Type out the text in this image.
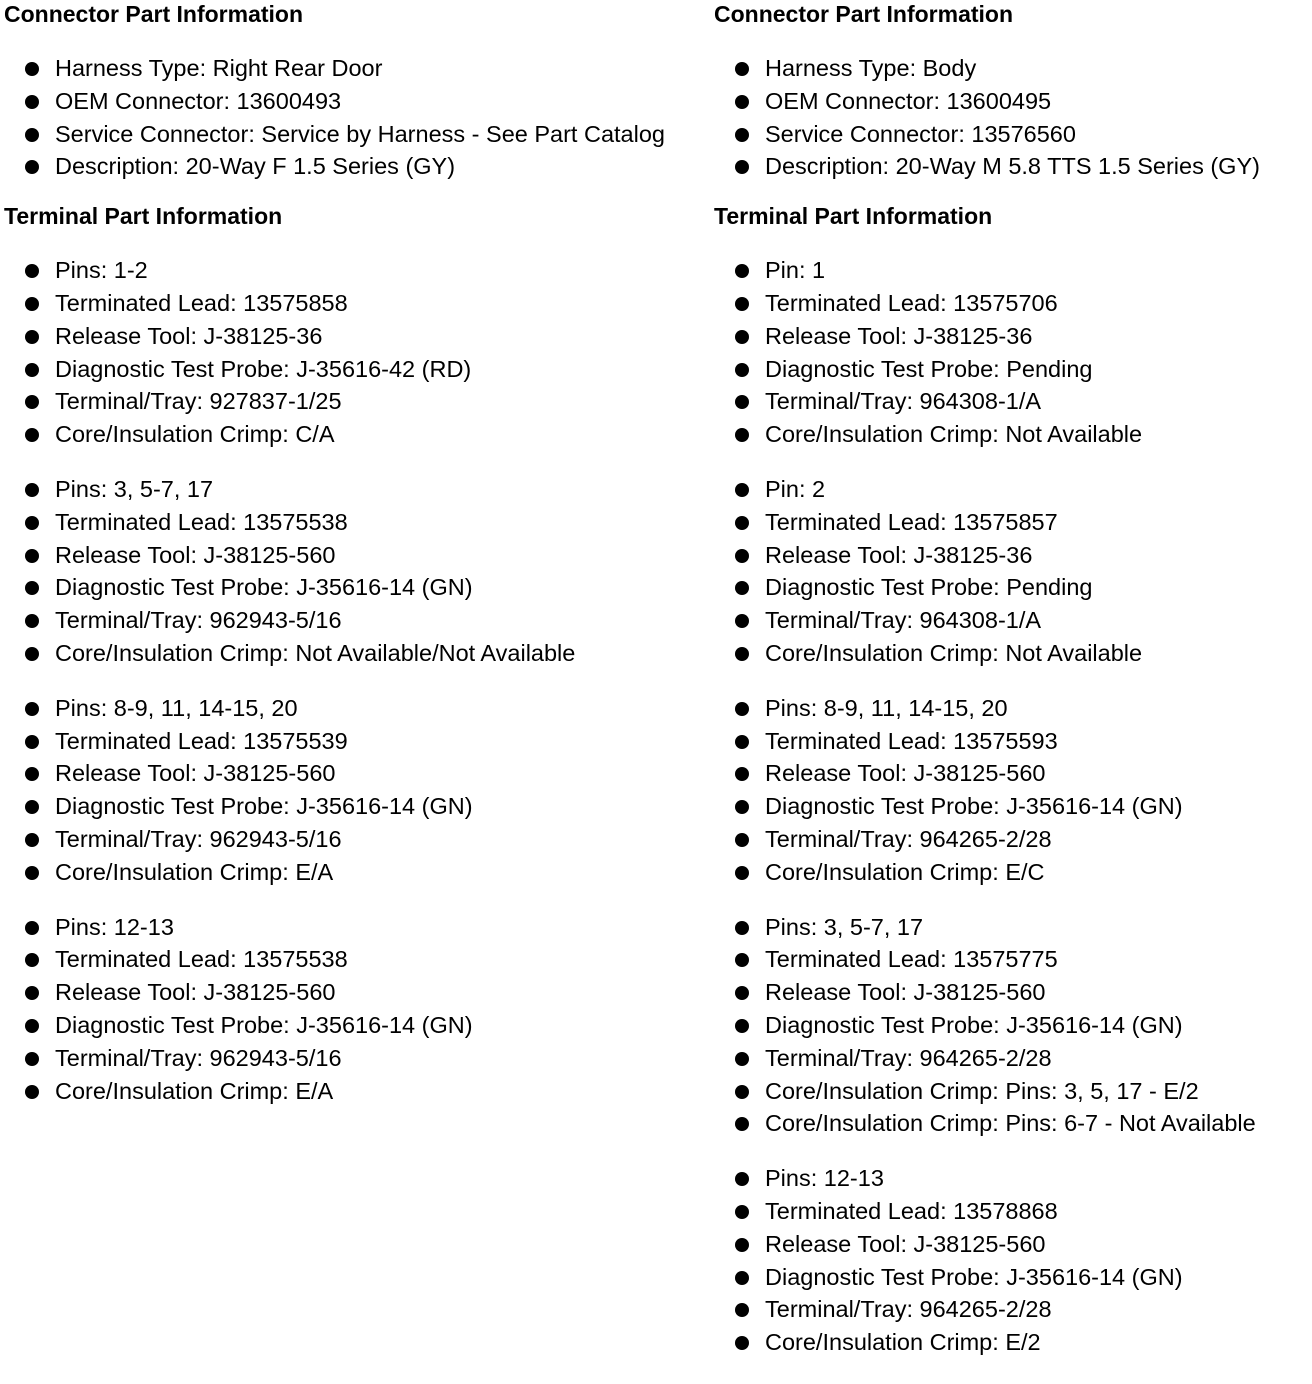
Connector Part Information
Harness Type : Right Rear Door
OEM Connector : 13600493
Service Connector : Service by Harness - See Part Catalog
Description : 20-Way F 1.5 Series (GY)
Terminal Part Information
Pins : 1-2
Terminated Lead : 13575858
Release Tool : J-38125-36
Diagnostic Test Probe : J-35616-42 (RD)
Terminal/Tray : 927837-1/25
Core/Insulation Crimp : C/A
Pins : 3, 5-7, 17
Terminated Lead : 13575538
Release Tool : J-38125-560
Diagnostic Test Probe : J-35616-14 (GN)
Terminal/Tray : 962943-5/16
Core/Insulation Crimp : Not Available/Not Available
Pins : 8-9, 11, 14-15, 20
Terminated Lead : 13575539
Release Tool : J-38125-560
Diagnostic Test Probe : J-35616-14 (GN)
Terminal/Tray : 962943-5/16
Core/Insulation Crimp : E/A
Pins : 12-13
Terminated Lead : 13575538
Release Tool : J-38125-560
Diagnostic Test Probe : J-35616-14 (GN)
Terminal/Tray : 962943-5/16
Core/Insulation Crimp : E/A
Connector Part Information
Harness Type : Body
OEM Connector : 13600495
Service Connector : 13576560
Description : 20-Way M 5.8 TTS 1.5 Series (GY)
Terminal Part Information
Pin : 1
Terminated Lead : 13575706
Release Tool : J-38125-36
Diagnostic Test Probe : Pending
Terminal/Tray : 964308-1/A
Core/Insulation Crimp : Not Available
Pin : 2
Terminated Lead : 13575857
Release Tool : J-38125-36
Diagnostic Test Probe : Pending
Terminal/Tray : 964308-1/A
Core/Insulation Crimp : Not Available
Pins : 8-9, 11, 14-15, 20
Terminated Lead : 13575593
Release Tool : J-38125-560
Diagnostic Test Probe : J-35616-14 (GN)
Terminal/Tray : 964265-2/28
Core/Insulation Crimp : E/C
Pins : 3, 5-7, 17
Terminated Lead : 13575775
Release Tool : J-38125-560
Diagnostic Test Probe : J-35616-14 (GN)
Terminal/Tray : 964265-2/28
Core/Insulation Crimp : Pins: 3, 5, 17 - E/2
Core/Insulation Crimp : Pins: 6-7 - Not Available
Pins : 12-13
Terminated Lead : 13578868
Release Tool : J-38125-560
Diagnostic Test Probe : J-35616-14 (GN)
Terminal/Tray : 964265-2/28
Core/Insulation Crimp : E/2
